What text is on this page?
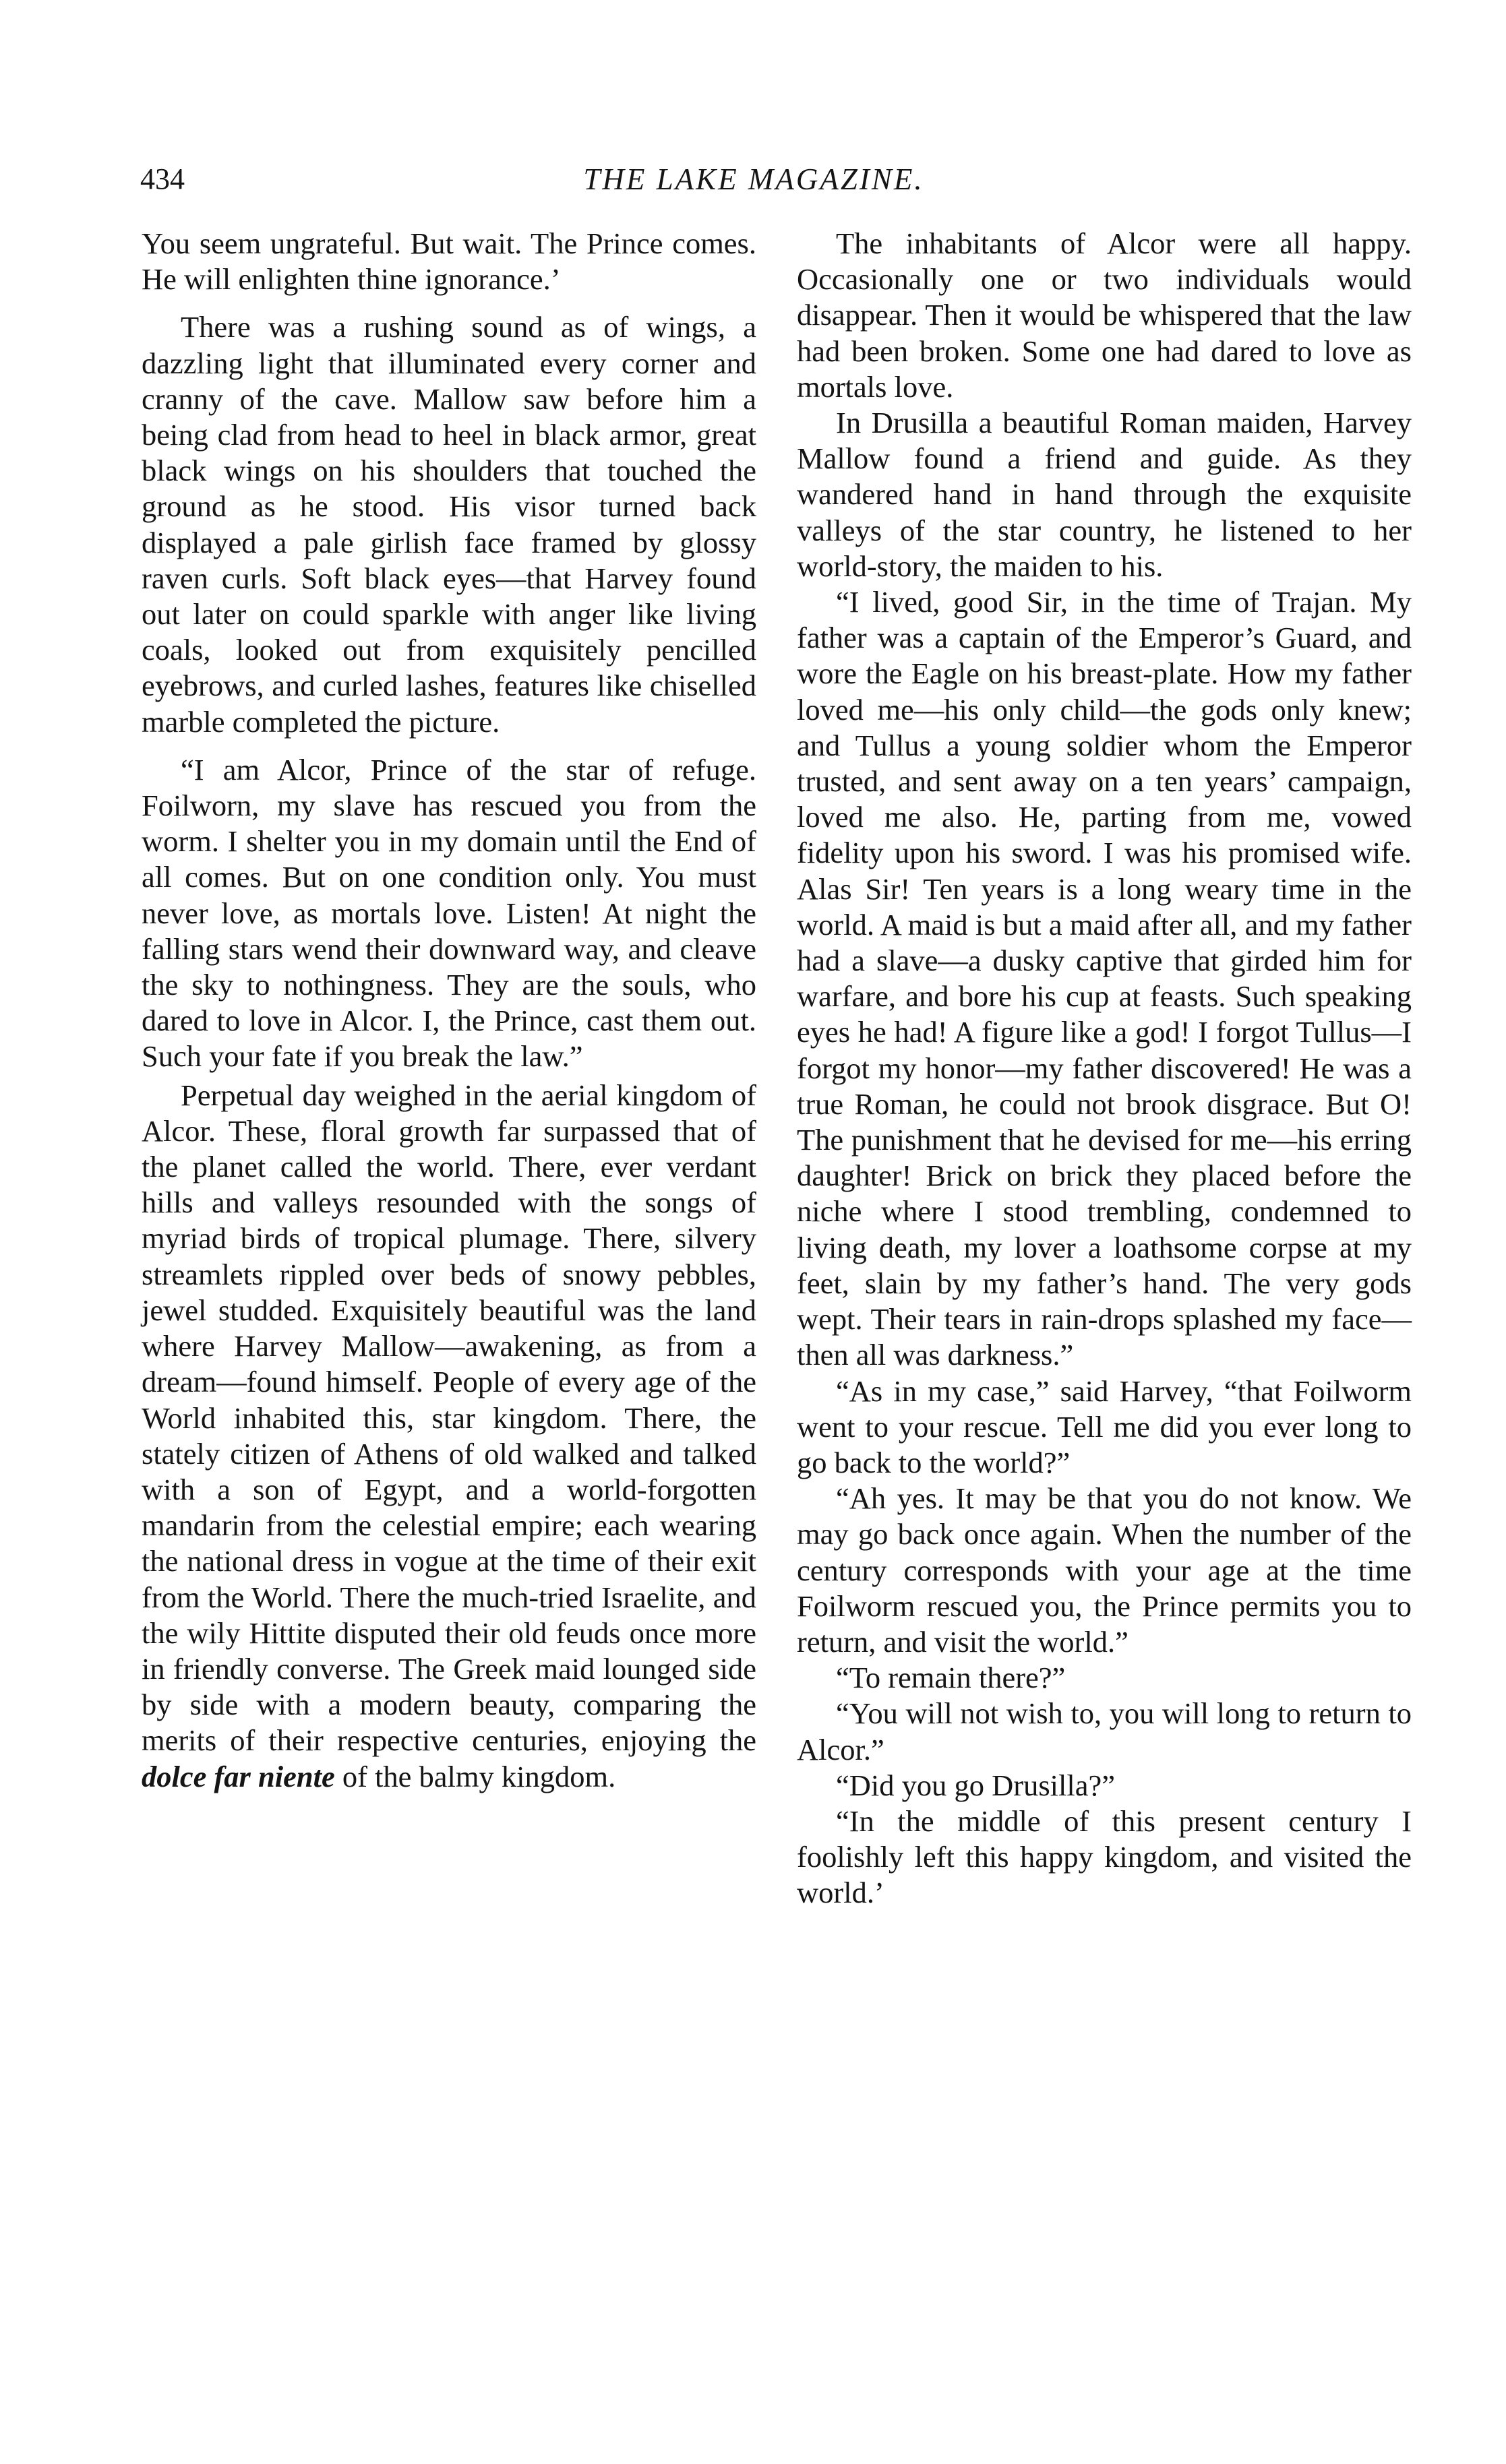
434	THE LAKE MAGAZINE.

You seem ungrateful. But wait. The Prince comes. He will enlighten thine ignorance.’

There was a rushing sound as of wings, a dazzling light that illuminated every corner and cranny of the cave. Mallow saw before him a being clad from head to heel in black armor, great black wings on his shoulders that touched the ground as he stood. His visor turned back displayed a pale girlish face framed by glossy raven curls. Soft black eyes—that Harvey found out later on could sparkle with anger like living coals, looked out from exquisitely pencilled eyebrows, and curled lashes, features like chiselled marble completed the picture.

“I am Alcor, Prince of the star of refuge. Foilworn, my slave has rescued you from the worm. I shelter you in my domain until the End of all comes. But on one condition only. You must never love, as mortals love. Listen! At night the falling stars wend their downward way, and cleave the sky to nothingness. They are the souls, who dared to love in Alcor. I, the Prince, cast them out. Such your fate if you break the law.”

Perpetual day weighed in the aerial kingdom of Alcor. These, floral growth far surpassed that of the planet called the world. There, ever verdant hills and valleys resounded with the songs of myriad birds of tropical plumage. There, silvery streamlets rippled over beds of snowy pebbles, jewel studded. Exquisitely beautiful was the land where Harvey Mallow—awakening, as from a dream—found himself. People of every age of the World inhabited this, star kingdom. There, the stately citizen of Athens of old walked and talked with a son of Egypt, and a world-forgotten mandarin from the celestial empire; each wearing the national dress in vogue at the time of their exit from the World. There the much-tried Israelite, and the wily Hittite disputed their old feuds once more in friendly converse. The Greek maid lounged side by side with a modern beauty, comparing the merits of their respective centuries, enjoying the dolce far niente of the balmy kingdom.

The inhabitants of Alcor were all happy. Occasionally one or two individuals would disappear. Then it would be whispered that the law had been broken. Some one had dared to love as mortals love.

In Drusilla a beautiful Roman maiden, Harvey Mallow found a friend and guide. As they wandered hand in hand through the exquisite valleys of the star country, he listened to her world-story, the maiden to his.

“I lived, good Sir, in the time of Trajan. My father was a captain of the Emperor’s Guard, and wore the Eagle on his breast-plate. How my father loved me—his only child—the gods only knew; and Tullus a young soldier whom the Emperor trusted, and sent away on a ten years’ campaign, loved me also. He, parting from me, vowed fidelity upon his sword. I was his promised wife. Alas Sir! Ten years is a long weary time in the world. A maid is but a maid after all, and my father had a slave—a dusky captive that girded him for warfare, and bore his cup at feasts. Such speaking eyes he had! A figure like a god! I forgot Tullus—I forgot my honor—my father discovered! He was a true Roman, he could not brook disgrace. But O! The punishment that he devised for me—his erring daughter! Brick on brick they placed before the niche where I stood trembling, condemned to living death, my lover a loathsome corpse at my feet, slain by my father’s hand. The very gods wept. Their tears in rain-drops splashed my face—then all was darkness.”

“As in my case,” said Harvey, “that Foilworm went to your rescue. Tell me did you ever long to go back to the world?”

“Ah yes. It may be that you do not know. We may go back once again. When the number of the century corresponds with your age at the time Foilworm rescued you, the Prince permits you to return, and visit the world.”

“To remain there?”

“You will not wish to, you will long to return to Alcor.”

“Did you go Drusilla?”

“In the middle of this present century I foolishly left this happy kingdom, and visited the world.’
